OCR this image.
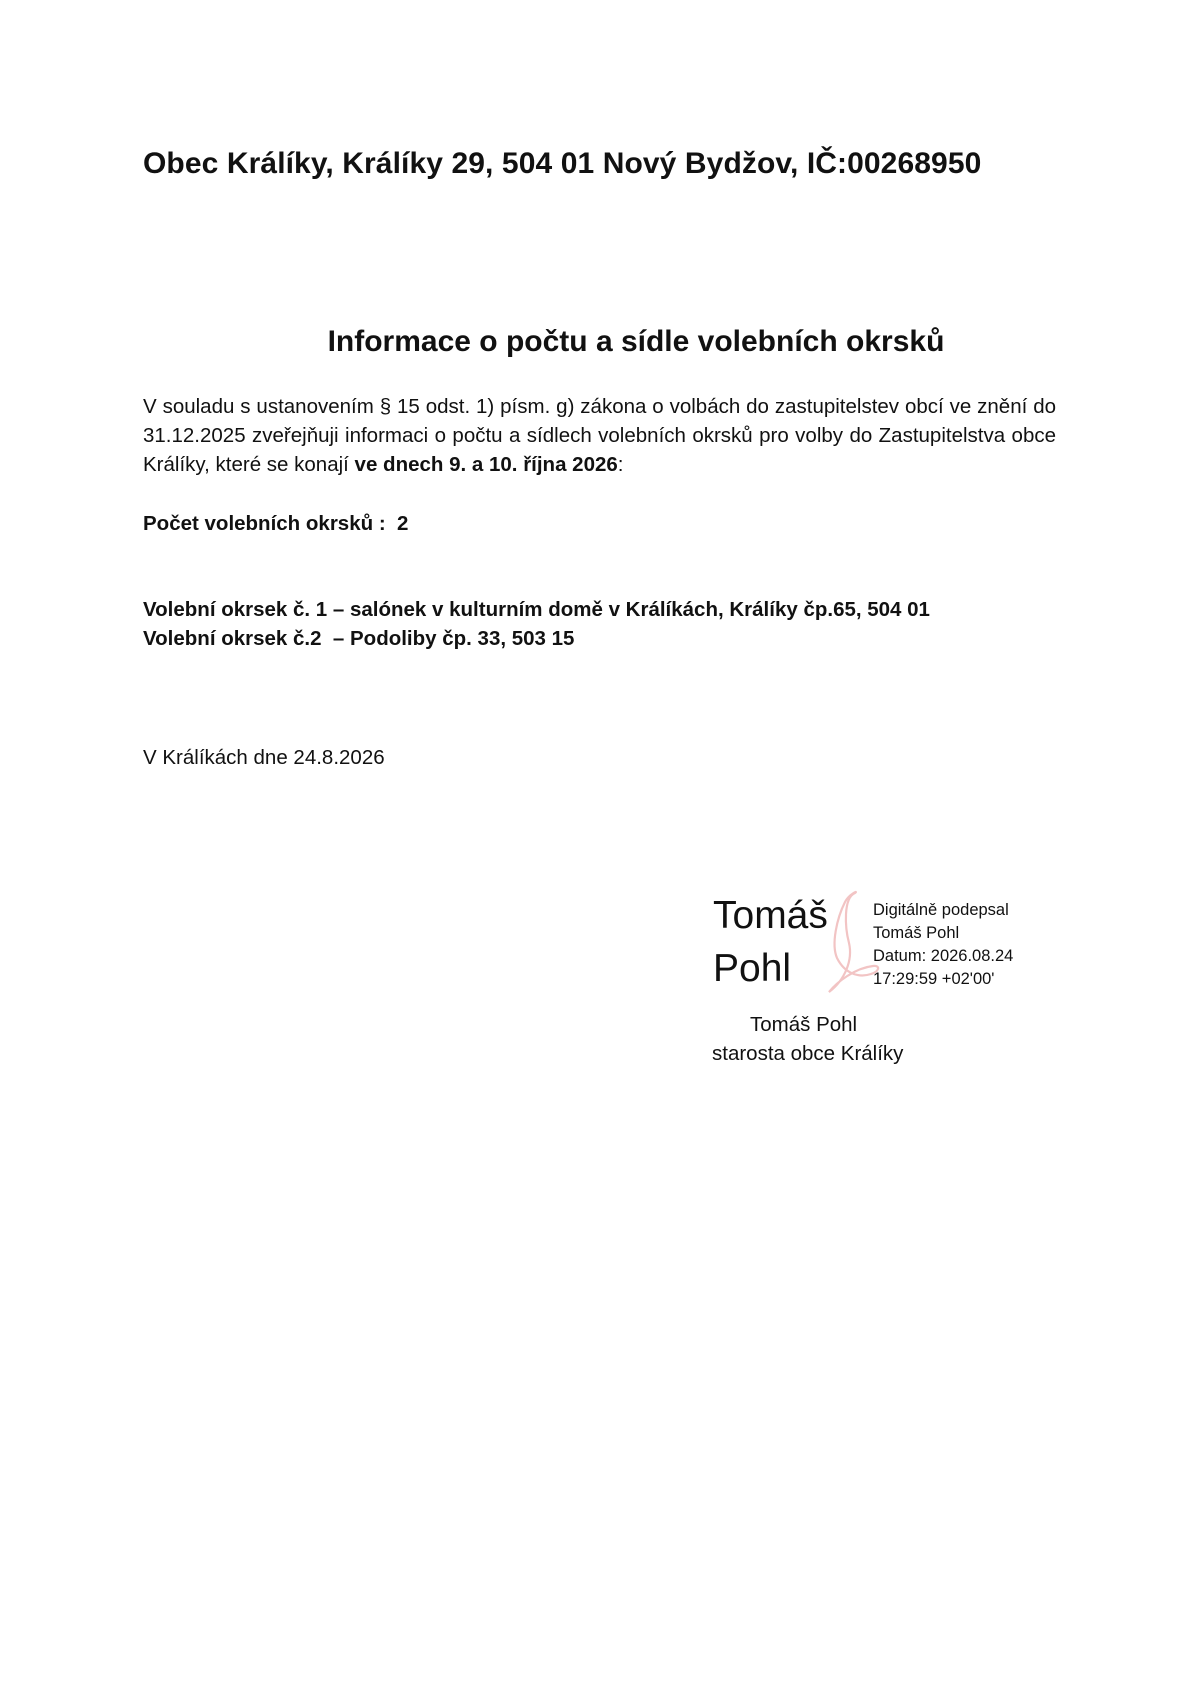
Obec Králíky, Králíky 29, 504 01 Nový Bydžov, IČ:00268950
Informace o počtu a sídle volebních okrsků
V souladu s ustanovením § 15 odst. 1) písm. g) zákona o volbách do zastupitelstev obcí ve znění do 31.12.2025 zveřejňuji informaci o počtu a sídlech volebních okrsků pro volby do Zastupitelstva obce Králíky, které se konají ve dnech 9. a 10. října 2026:
Počet volebních okrsků :  2
Volební okrsek č. 1 – salónek v kulturním domě v Králíkách, Králíky čp.65, 504 01
Volební okrsek č.2  – Podoliby čp. 33, 503 15
V Králíkách dne 24.8.2026
Tomáš
Pohl
Digitálně podepsal
Tomáš Pohl
Datum: 2026.08.24
17:29:59 +02'00'
Tomáš Pohl
starosta obce Králíky
